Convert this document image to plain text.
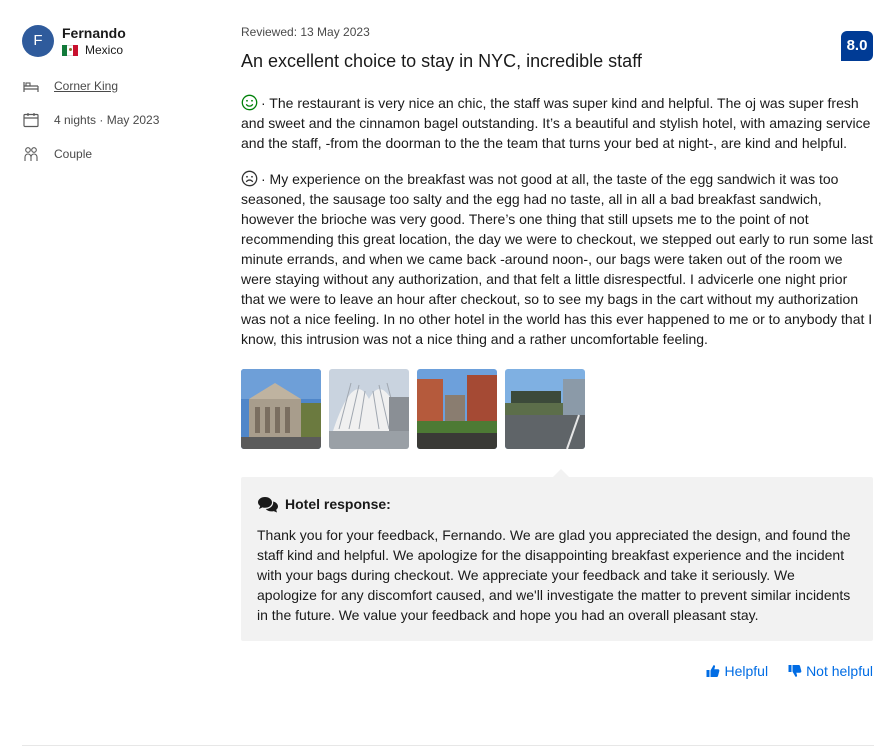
F	Fernando
Mexico
Corner King
4 nights · May 2023
Couple
Reviewed: 13 May 2023
An excellent choice to stay in NYC, incredible staff
8.0

· The restaurant is very nice an chic, the staff was super kind and helpful. The oj was super fresh and sweet and the cinnamon bagel outstanding. It’s a beautiful and stylish hotel, with amazing service and the staff, -from the doorman to the the team that turns your bed at night-, are kind and helpful.

· My experience on the breakfast was not good at all, the taste of the egg sandwich it was too seasoned, the sausage too salty and the egg had no taste, all in all a bad breakfast sandwich, however the brioche was very good. There’s one thing that still upsets me to the point of not recommending this great location, the day we were to checkout, we stepped out early to run some last minute errands, and when we came back -around noon-, our bags were taken out of the room we were staying without any authorization, and that felt a little disrespectful. I advicerle one night prior that we were to leave an hour after checkout, so to see my bags in the cart without my authorization was not a nice feeling. In no other hotel in the world has this ever happened to me or to anybody that I know, this intrusion was not a nice thing and a rather uncomfortable feeling.

Hotel response:

Thank you for your feedback, Fernando. We are glad you appreciated the design, and found the staff kind and helpful. We apologize for the disappointing breakfast experience and the incident with your bags during checkout. We appreciate your feedback and take it seriously. We apologize for any discomfort caused, and we'll investigate the matter to prevent similar incidents in the future. We value your feedback and hope you had an overall pleasant stay.

Helpful	Not helpful
